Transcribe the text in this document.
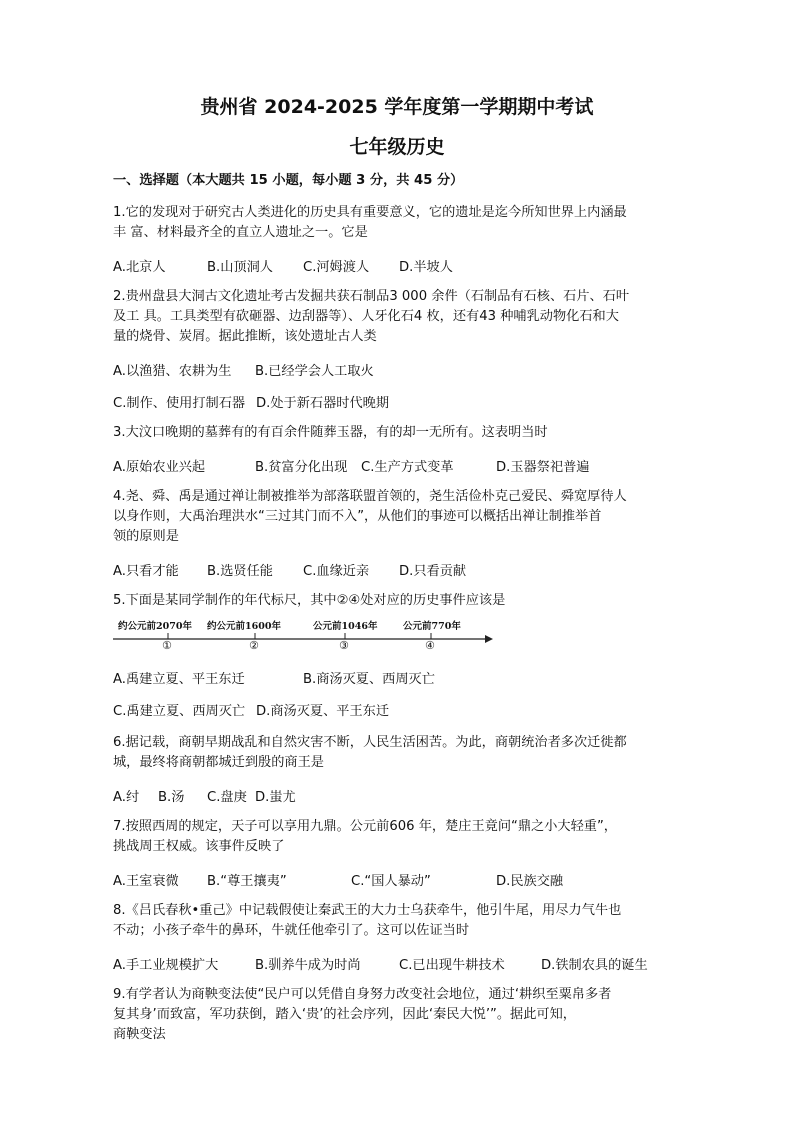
贵州省 2024-2025 学年度第一学期期中考试
七年级历史
一、选择题（本大题共 15 小题，每小题 3 分，共 45 分）
1.它的发现对于研究古人类进化的历史具有重要意义，它的遗址是迄今所知世界上内涵最
丰 富、材料最齐全的直立人遗址之一。它是
A.北京人	B.山顶洞人 C.河姆渡人 D.半坡人
2.贵州盘县大洞古文化遗址考古发掘共获石制品3 000 余件（石制品有石核、石片、石叶
及工 具。工具类型有砍砸器、边刮器等）、人牙化石4 枚，还有43 种哺乳动物化石和大
量的烧骨、炭屑。据此推断，该处遗址古人类
A.以渔猎、农耕为生 B.已经学会人工取火
C.制作、使用打制石器 D.处于新石器时代晚期
3.大汶口晚期的墓葬有的有百余件随葬玉器，有的却一无所有。这表明当时
A.原始农业兴起	B.贫富分化出现 C.生产方式变革	D.玉器祭祀普遍
4.尧、舜、禹是通过禅让制被推举为部落联盟首领的，尧生活俭朴克己爱民、舜宽厚待人
以身作则，大禹治理洪水“三过其门而不入”，从他们的事迹可以概括出禅让制推举首
领的原则是
A.只看才能 B.选贤任能 C.血缘近亲 D.只看贡献
5.下面是某同学制作的年代标尺，其中②④处对应的历史事件应该是
约公元前2070年 约公元前1600年	公元前1046年	公元前770年
①	②	③	④
A.禹建立夏、平王东迁	B.商汤灭夏、西周灭亡
C.禹建立夏、西周灭亡 D.商汤灭夏、平王东迁
6.据记载，商朝早期战乱和自然灾害不断，人民生活困苦。为此，商朝统治者多次迁徙都
城，最终将商朝都城迁到殷的商王是
A.纣 B.汤 C.盘庚 D.蚩尤
7.按照西周的规定，天子可以享用九鼎。公元前606 年，楚庄王竟问“鼎之小大轻重”，
挑战周王权威。该事件反映了
A.王室衰微 B.“尊王攘夷”	C.“国人暴动”	D.民族交融
8.《吕氏春秋•重己》中记载假使让秦武王的大力士乌获牵牛，他引牛尾，用尽力气牛也
不动；小孩子牵牛的鼻环，牛就任他牵引了。这可以佐证当时
A.手工业规模扩大	B.驯养牛成为时尚	C.已出现牛耕技术	D.铁制农具的诞生
9.有学者认为商鞅变法使“民户可以凭借自身努力改变社会地位，通过‘耕织至粟帛多者
复其身’而致富，军功获倒，踏入‘贵’的社会序列，因此‘秦民大悦’”。据此可知，
商鞅变法
